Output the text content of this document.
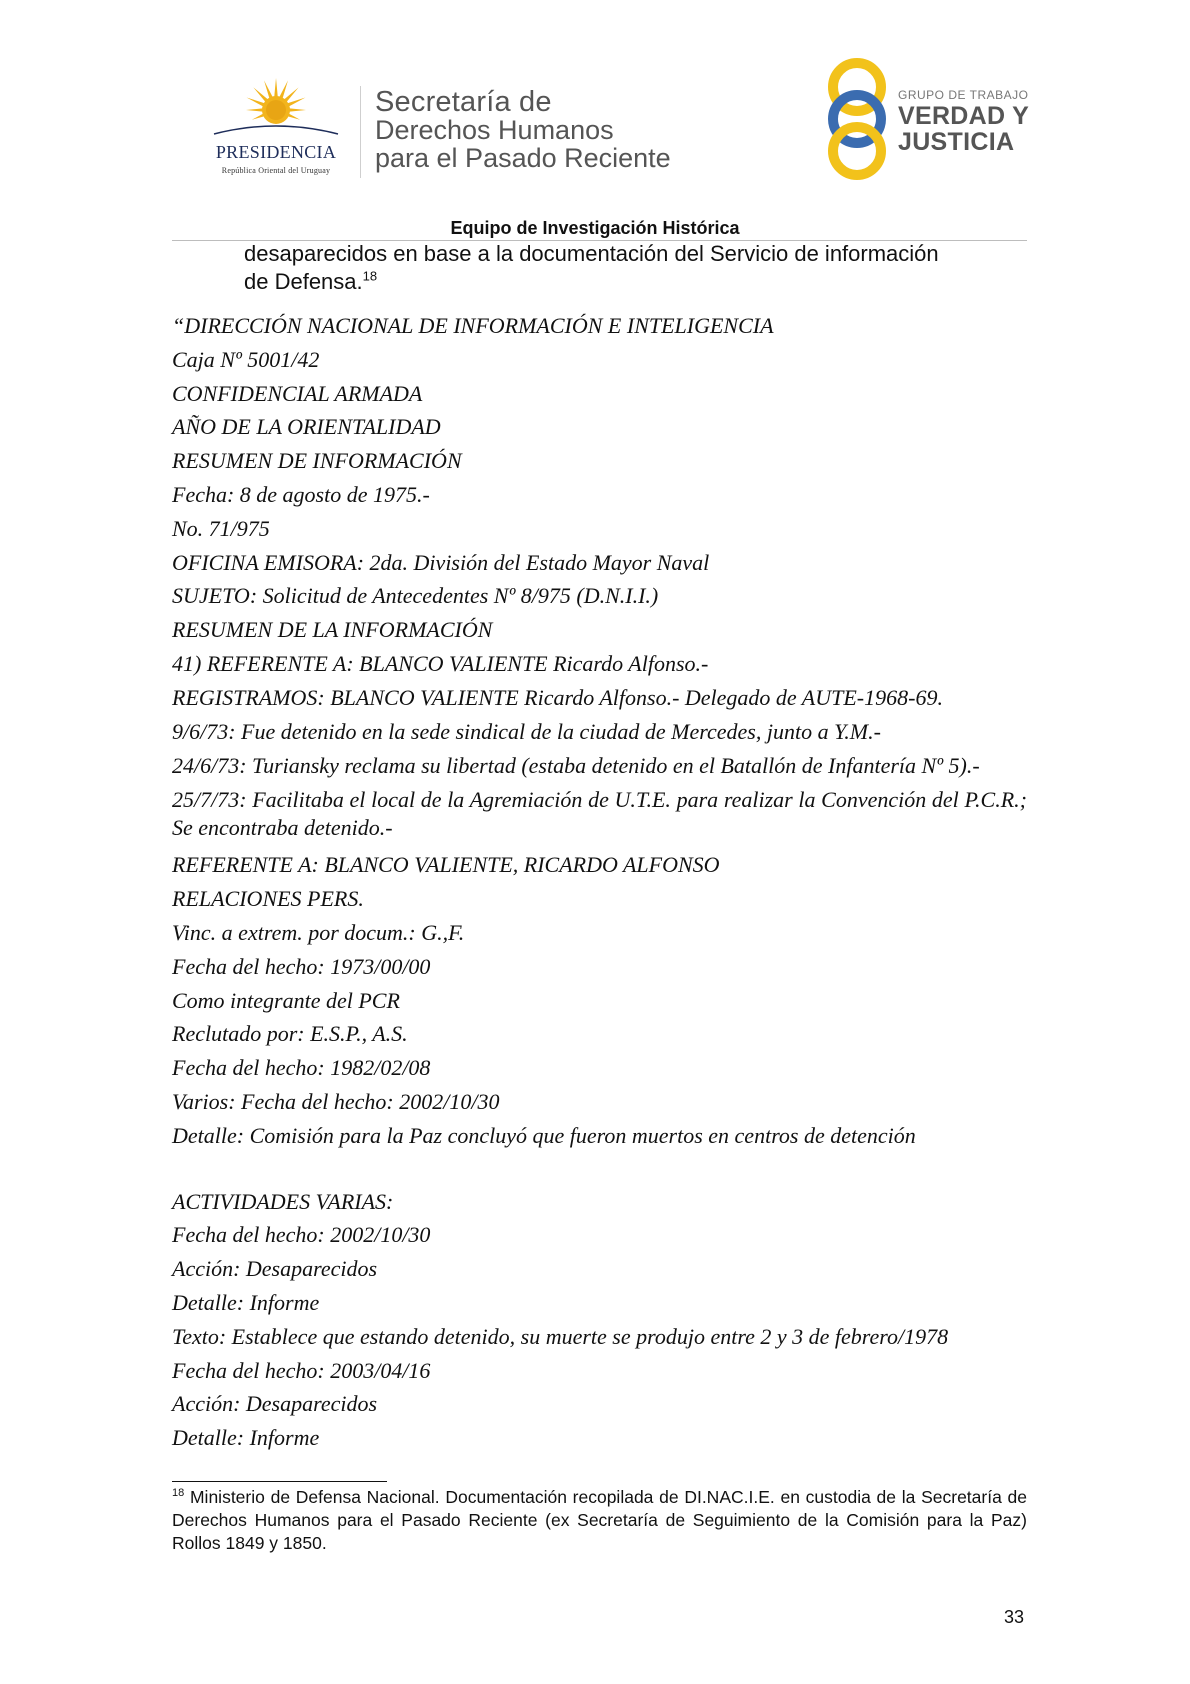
PRESIDENCIA
República Oriental del Uruguay
Secretaría de
Derechos Humanos
para el Pasado Reciente
GRUPO DE TRABAJO
VERDAD Y
JUSTICIA
Equipo de Investigación Histórica
desaparecidos en base a la documentación del Servicio de información
de Defensa.$^{18}$
“DIRECCIÓN NACIONAL DE INFORMACIÓN E INTELIGENCIA
Caja Nº 5001/42
CONFIDENCIAL ARMADA
AÑO DE LA ORIENTALIDAD
RESUMEN DE INFORMACIÓN
Fecha: 8 de agosto de 1975.-
No. 71/975
OFICINA EMISORA: 2da. División del Estado Mayor Naval
SUJETO: Solicitud de Antecedentes Nº 8/975 (D.N.I.I.)
RESUMEN DE LA INFORMACIÓN
41) REFERENTE A: BLANCO VALIENTE Ricardo Alfonso.-
REGISTRAMOS: BLANCO VALIENTE Ricardo Alfonso.- Delegado de AUTE-1968-69.
9/6/73: Fue detenido en la sede sindical de la ciudad de Mercedes, junto a Y.M.-
24/6/73: Turiansky reclama su libertad (estaba detenido en el Batallón de Infantería Nº 5).-
25/7/73: Facilitaba el local de la Agremiación de U.T.E. para realizar la Convención del P.C.R.; Se encontraba detenido.-
REFERENTE A: BLANCO VALIENTE, RICARDO ALFONSO
RELACIONES PERS.
Vinc. a extrem. por docum.: G.,F.
Fecha del hecho: 1973/00/00
Como integrante del PCR
Reclutado por: E.S.P., A.S.
Fecha del hecho: 1982/02/08
Varios: Fecha del hecho: 2002/10/30
Detalle: Comisión para la Paz concluyó que fueron muertos en centros de detención
ACTIVIDADES VARIAS:
Fecha del hecho: 2002/10/30
Acción: Desaparecidos
Detalle: Informe
Texto: Establece que estando detenido, su muerte se produjo entre 2 y 3 de febrero/1978
Fecha del hecho: 2003/04/16
Acción: Desaparecidos
Detalle: Informe
$^{18}$ Ministerio de Defensa Nacional. Documentación recopilada de DI.NAC.I.E. en custodia de la Secretaría de Derechos Humanos para el Pasado Reciente (ex Secretaría de Seguimiento de la Comisión para la Paz) Rollos 1849 y 1850.
33
